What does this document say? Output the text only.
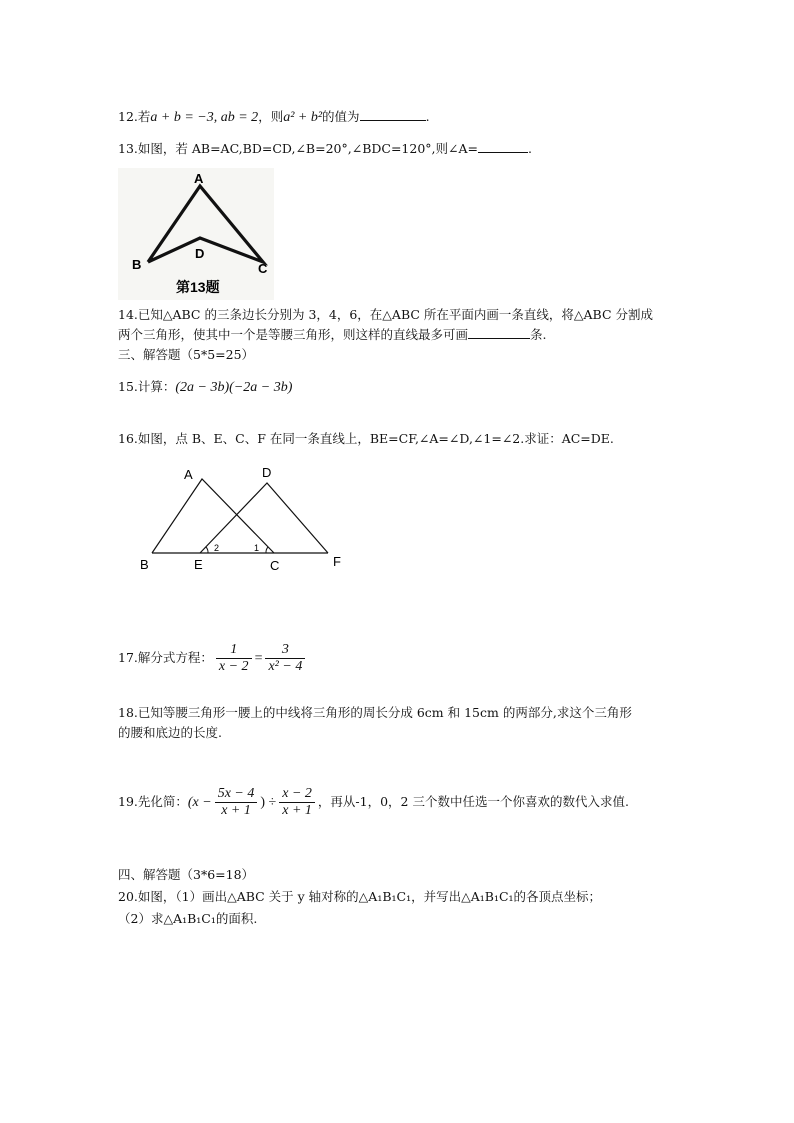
12.若a + b = −3, ab = 2，则a² + b²的值为	.
13.如图，若 AB=AC,BD=CD,∠B=20°,∠BDC=120°,则∠A=	.
A
B	C
D
第13题
14.已知△ABC 的三条边长分别为 3，4，6，在△ABC 所在平面内画一条直线，将△ABC 分割成
两个三角形，使其中一个是等腰三角形，则这样的直线最多可画	条.
三、解答题（5*5=25）
15.计算：(2a − 3b)(−2a − 3b)
16.如图，点 B、E、C、F 在同一条直线上，BE=CF,∠A=∠D,∠1=∠2.求证：AC=DE.
A	D
B	E	C	F
2	1
17.解分式方程： $\frac{1}{x - 2} = \frac{3}{\text{x² − 4}}$
18.已知等腰三角形一腰上的中线将三角形的周长分成 6cm 和 15cm 的两部分,求这个三角形
的腰和底边的长度.
19.先化简：($x - \frac{5x - 4}{x + 1}$ ) ÷ $\frac{x - 2}{x + 1}$ ，再从-1，0，2 三个数中任选一个你喜欢的数代入求值.
四、解答题（3*6=18）
20.如图，（1）画出△ABC 关于 y 轴对称的△A₁B₁C₁，并写出△A₁B₁C₁的各顶点坐标；
（2）求△A₁B₁C₁的面积.
